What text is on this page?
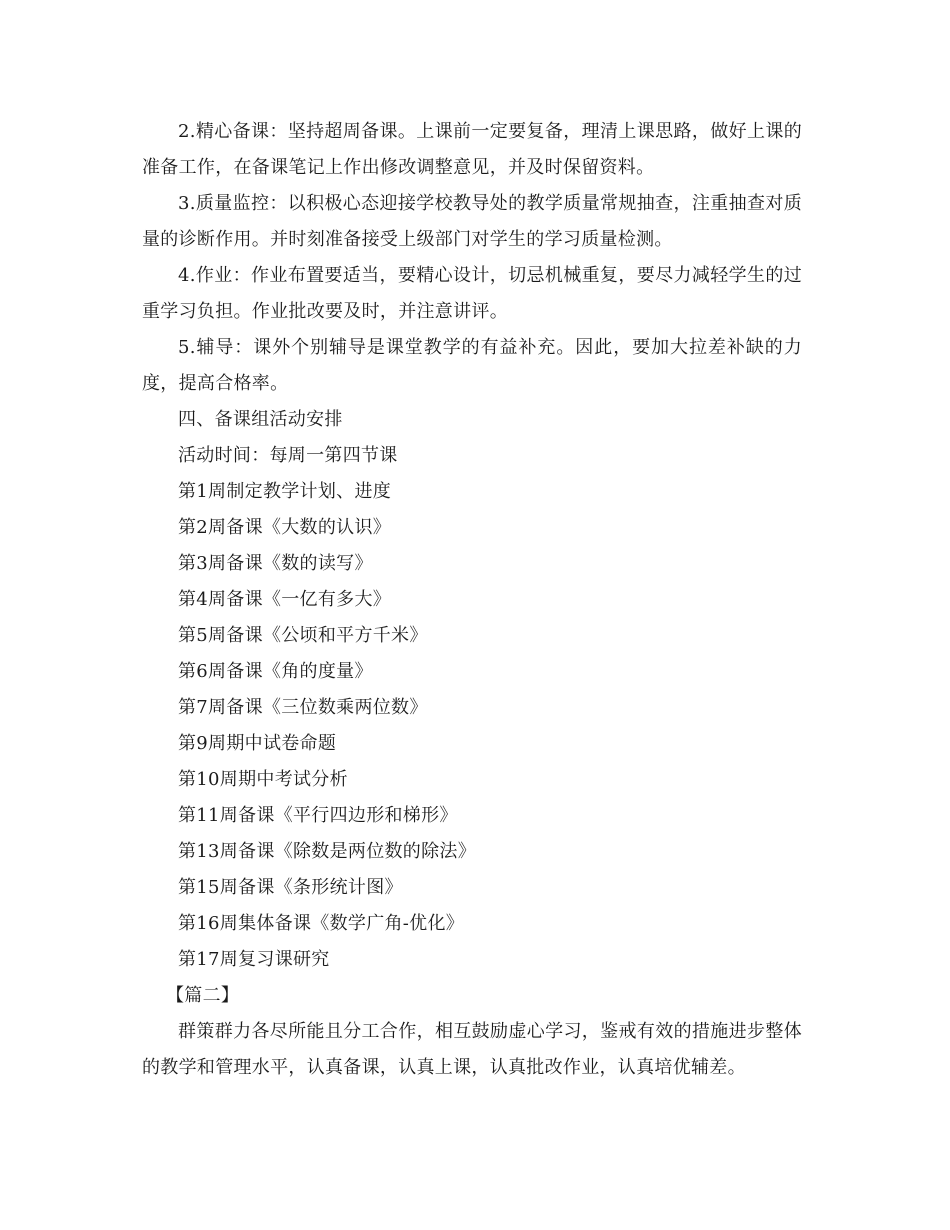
2.精心备课：坚持超周备课。上课前一定要复备，理清上课思路，做好上课的准备工作，在备课笔记上作出修改调整意见，并及时保留资料。

3.质量监控：以积极心态迎接学校教导处的教学质量常规抽查，注重抽查对质量的诊断作用。并时刻准备接受上级部门对学生的学习质量检测。

4.作业：作业布置要适当，要精心设计，切忌机械重复，要尽力减轻学生的过重学习负担。作业批改要及时，并注意讲评。

5.辅导：课外个别辅导是课堂教学的有益补充。因此，要加大拉差补缺的力度，提高合格率。

四、备课组活动安排

活动时间：每周一第四节课

第1周制定教学计划、进度

第2周备课《大数的认识》

第3周备课《数的读写》

第4周备课《一亿有多大》

第5周备课《公顷和平方千米》

第6周备课《角的度量》

第7周备课《三位数乘两位数》

第9周期中试卷命题

第10周期中考试分析

第11周备课《平行四边形和梯形》

第13周备课《除数是两位数的除法》

第15周备课《条形统计图》

第16周集体备课《数学广角-优化》

第17周复习课研究

【篇二】

群策群力各尽所能且分工合作，相互鼓励虚心学习，鉴戒有效的措施进步整体的教学和管理水平，认真备课，认真上课，认真批改作业，认真培优辅差。
